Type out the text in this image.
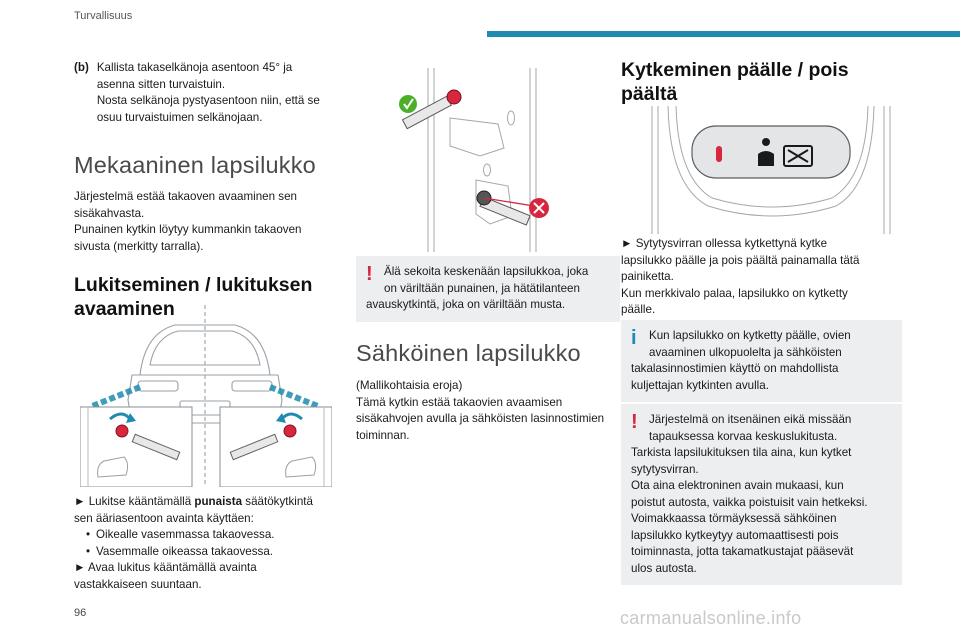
Turvallisuus
(b) Kallista takaselkänoja asentoon 45° ja
asenna sitten turvaistuin.
Nosta selkänoja pystyasentoon niin, että se
osuu turvaistuimen selkänojaan.
Mekaaninen lapsilukko
Järjestelmä estää takaoven avaaminen sen
sisäkahvasta.
Punainen kytkin löytyy kummankin takaoven
sivusta (merkitty tarralla).
Lukitseminen / lukituksen
avaaminen
► Lukitse kääntämällä punaista säätökytkintä
sen ääriasentoon avainta käyttäen:
• Oikealle vasemmassa takaovessa.
• Vasemmalle oikeassa takaovessa.
► Avaa lukitus kääntämällä avainta
vastakkaiseen suuntaan.
! Älä sekoita keskenään lapsilukkoa, joka
on väriltään punainen, ja hätätilanteen
avauskytkintä, joka on väriltään musta.
Sähköinen lapsilukko
(Mallikohtaisia eroja)
Tämä kytkin estää takaovien avaamisen
sisäkahvojen avulla ja sähköisten lasinnostimien
toiminnan.
Kytkeminen päälle / pois
päältä
► Sytytysvirran ollessa kytkettynä kytke
lapsilukko päälle ja pois päältä painamalla tätä
painiketta.
Kun merkkivalo palaa, lapsilukko on kytketty
päälle.
i	Kun lapsilukko on kytketty päälle, ovien
avaaminen ulkopuolelta ja sähköisten
takalasinnostimien käyttö on mahdollista
kuljettajan kytkinten avulla.
! Järjestelmä on itsenäinen eikä missään
tapauksessa korvaa keskuslukitusta.
Tarkista lapsilukituksen tila aina, kun kytket
sytytysvirran.
Ota aina elektroninen avain mukaasi, kun
poistut autosta, vaikka poistuisit vain hetkeksi.
Voimakkaassa törmäyksessä sähköinen
lapsilukko kytkeytyy automaattisesti pois
toiminnasta, jotta takamatkustajat pääsevät
ulos autosta.
96	carmanualsonline.info
